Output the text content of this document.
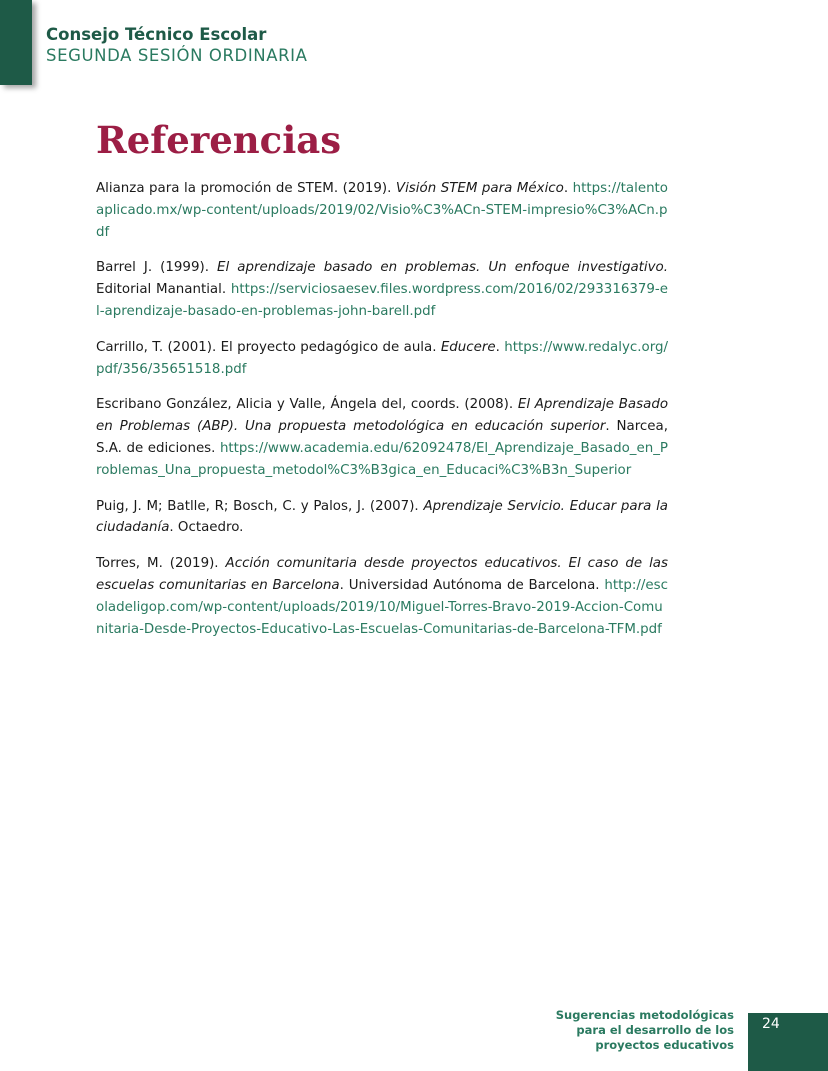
Consejo Técnico Escolar
SEGUNDA SESIÓN ORDINARIA
Referencias

Alianza para la promoción de STEM. (2019). Visión STEM para México. https://talentoaplicado.mx/wp-content/uploads/2019/02/Visio%C3%ACn-STEM-impresio%C3%ACn.pdf

Barrel J. (1999). El aprendizaje basado en problemas. Un enfoque investigativo. Editorial Manantial. https://serviciosaesev.files.wordpress.com/2016/02/293316379-el-aprendizaje-basado-en-problemas-john-barell.pdf

Carrillo, T. (2001). El proyecto pedagógico de aula. Educere. https://www.redalyc.org/pdf/356/35651518.pdf

Escribano González, Alicia y Valle, Ángela del, coords. (2008). El Aprendizaje Basado en Problemas (ABP). Una propuesta metodológica en educación superior. Narcea, S.A. de ediciones. https://www.academia.edu/62092478/El_Aprendizaje_Basado_en_Problemas_Una_propuesta_metodol%C3%B3gica_en_Educaci%C3%B3n_Superior

Puig, J. M; Batlle, R; Bosch, C. y Palos, J. (2007). Aprendizaje Servicio. Educar para la ciudadanía. Octaedro.

Torres, M. (2019). Acción comunitaria desde proyectos educativos. El caso de las escuelas comunitarias en Barcelona. Universidad Autónoma de Barcelona. http://escoladeligop.com/wp-content/uploads/2019/10/Miguel-Torres-Bravo-2019-Accion-Comunitaria-Desde-Proyectos-Educativo-Las-Escuelas-Comunitarias-de-Barcelona-TFM.pdf

Sugerencias metodológicas
para el desarrollo de los
proyectos educativos
24
